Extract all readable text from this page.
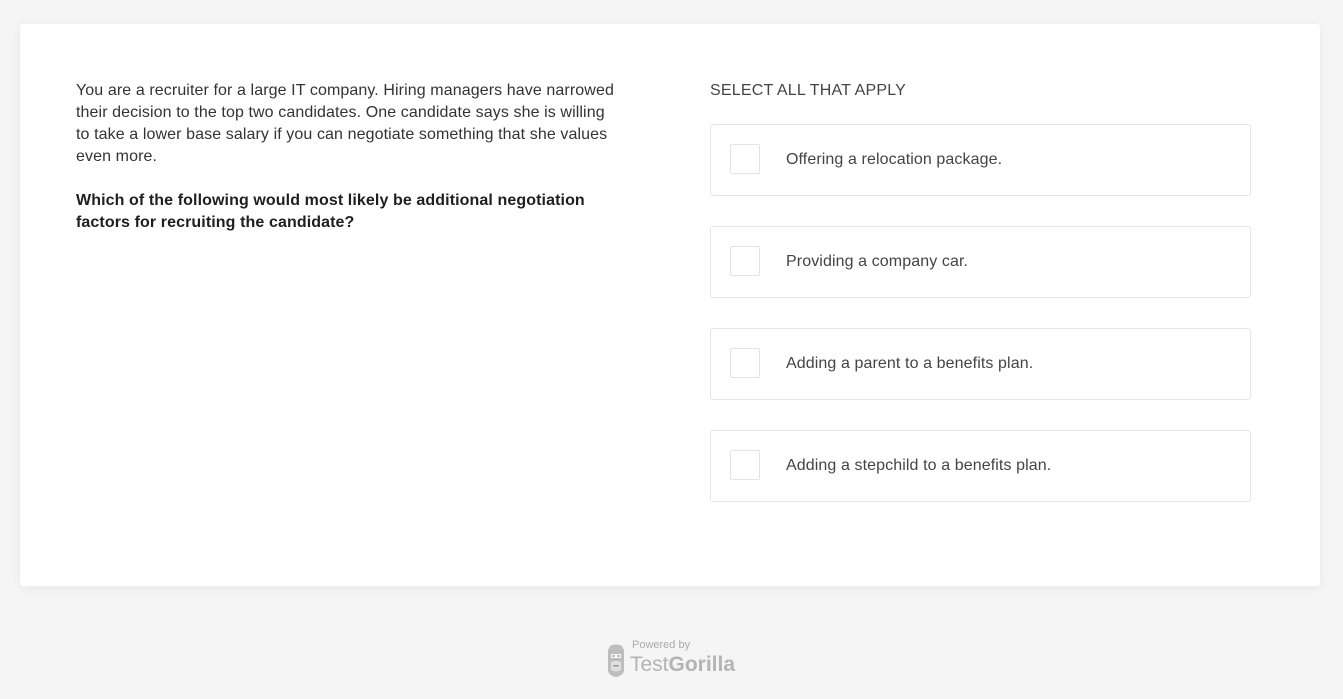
You are a recruiter for a large IT company. Hiring managers have narrowed their decision to the top two candidates. One candidate says she is willing to take a lower base salary if you can negotiate something that she values even more.

Which of the following would most likely be additional negotiation factors for recruiting the candidate?

SELECT ALL THAT APPLY
Offering a relocation package.
Providing a company car.
Adding a parent to a benefits plan.
Adding a stepchild to a benefits plan.
Powered by
TestGorilla
